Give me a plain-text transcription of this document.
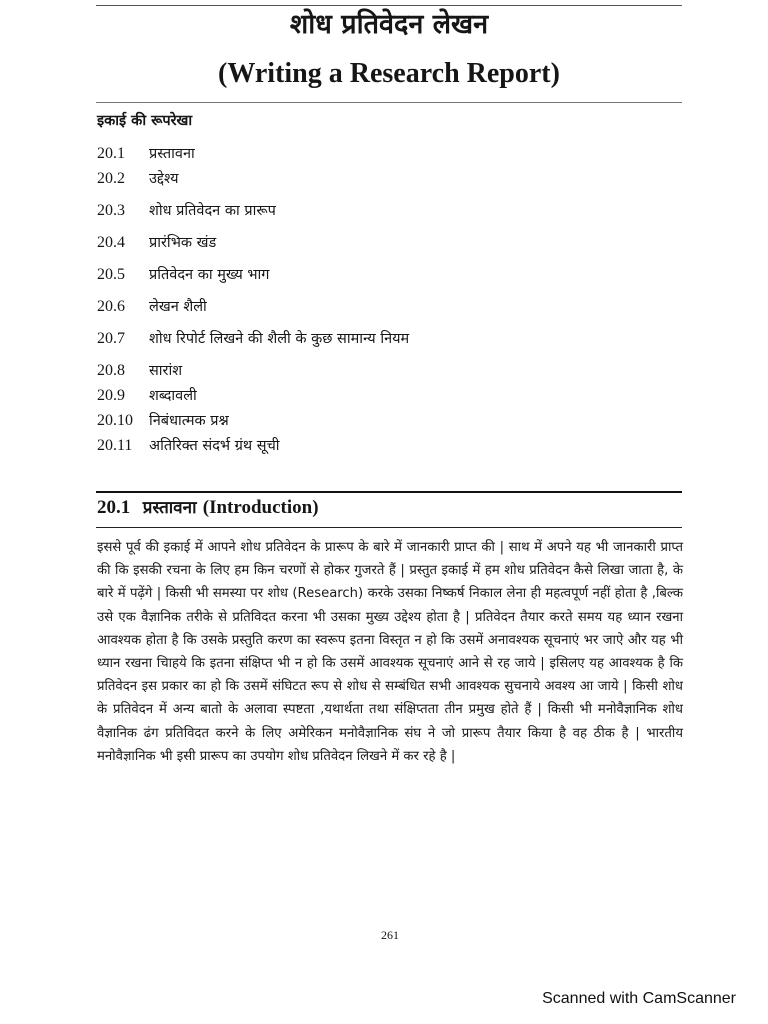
शोध प्रतिवेदन लेखन
(Writing a Research Report)
इकाई की रूपरेखा
20.1 प्रस्तावना
20.2 उद्देश्य
20.3 शोध प्रतिवेदन का प्रारूप
20.4 प्रारंभिक खंड
20.5 प्रतिवेदन का मुख्य भाग
20.6 लेखन शैली
20.7 शोध रिपोर्ट लिखने की शैली के कुछ सामान्य नियम
20.8 सारांश
20.9 शब्दावली
20.10 निबंधात्मक प्रश्न
20.11 अतिरिक्त संदर्भ ग्रंथ सूची
20.1 प्रस्तावना (Introduction)
इससे पूर्व की इकाई में आपने शोध प्रतिवेदन के प्रारूप के बारे में जानकारी प्राप्त की | साथ में अपने यह भी जानकारी प्राप्त की कि इसकी रचना के लिए हम किन चरणों से होकर गुजरते हैं | प्रस्तुत इकाई में हम शोध प्रतिवेदन कैसे लिखा जाता है, के बारे में पढ़ेंगे | किसी भी समस्या पर शोध (Research) करके उसका निष्कर्ष निकाल लेना ही महत्वपूर्ण नहीं होता है ,बिल्क उसे एक वैज्ञानिक तरीके से प्रतिविदत करना भी उसका मुख्य उद्देश्य होता है | प्रतिवेदन तैयार करते समय यह ध्यान रखना आवश्यक होता है कि उसके प्रस्तुति करण का स्वरूप इतना विस्तृत न हो कि उसमें अनावश्यक सूचनाएं भर जाऐ और यह भी ध्यान रखना चािहये कि इतना संक्षिप्त भी न हो कि उसमें आवश्यक सूचनाएं आने से रह जाये | इसिलए यह आवश्यक है कि प्रतिवेदन इस प्रकार का हो कि उसमें संघिटत रूप से शोध से सम्बंधित सभी आवश्यक सुचनाये अवश्य आ जाये | किसी शोध के प्रतिवेदन में अन्य बातो के अलावा स्पष्टता ,यथार्थता तथा संक्षिप्तता तीन प्रमुख होते हैं | किसी भी मनोवैज्ञानिक शोध वैज्ञानिक ढंग प्रतिविदत करने के लिए अमेरिकन मनोवैज्ञानिक संघ ने जो प्रारूप तैयार किया है वह ठीक है | भारतीय मनोवैज्ञानिक भी इसी प्रारूप का उपयोग शोध प्रतिवेदन लिखने में कर रहे है |
261
Scanned with CamScanner
